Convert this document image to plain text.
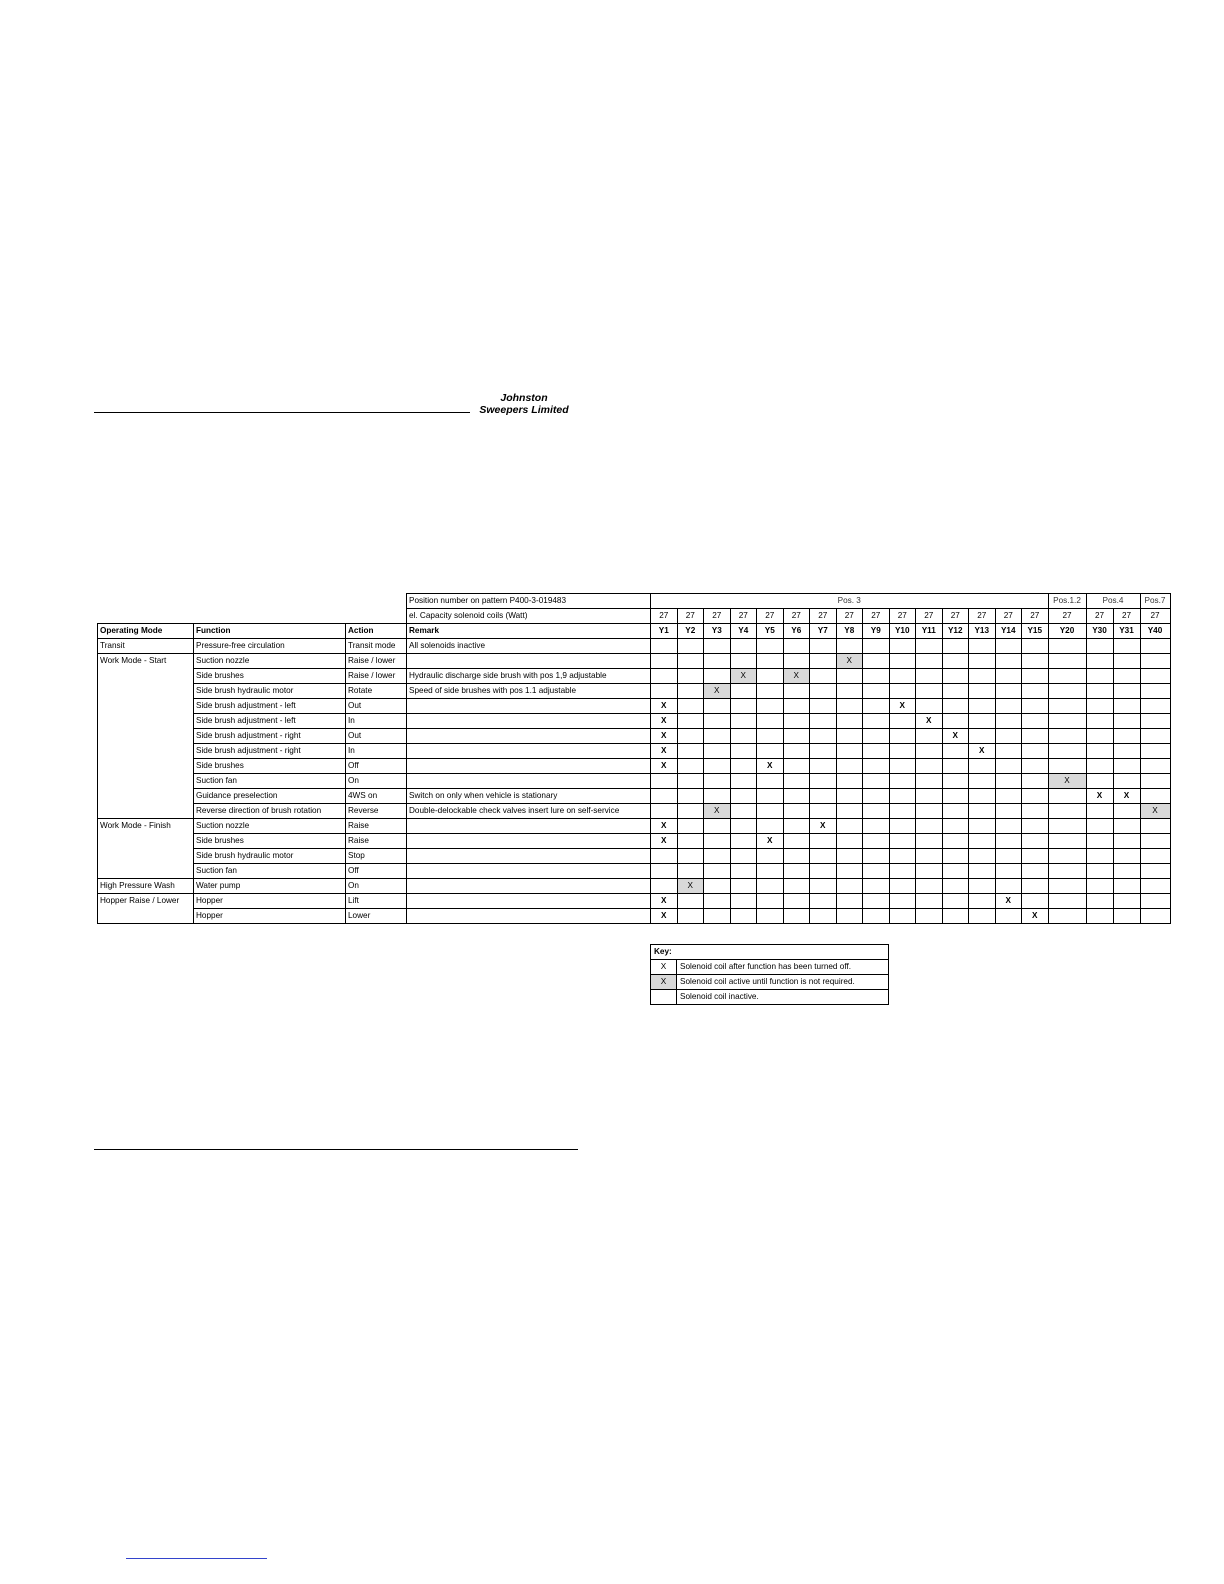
Johnston
Sweepers Limited
			Position number on pattern P400-3-019483	Pos. 3															Pos.1.2	Pos.4		Pos.7
			el. Capacity solenoid coils (Watt)	27	27	27	27	27	27	27	27	27	27	27	27	27	27	27	27	27	27	27
Operating Mode	Function	Action	Remark	Y1	Y2	Y3	Y4	Y5	Y6	Y7	Y8	Y9	Y10	Y11	Y12	Y13	Y14	Y15	Y20	Y30	Y31	Y40
Transit	Pressure-free circulation	Transit mode	All solenoids inactive																			
Work Mode - Start	Suction nozzle	Raise / lower									X											
	Side brushes	Raise / lower	Hydraulic discharge side brush with pos 1,9 adjustable				X		X													
	Side brush hydraulic motor	Rotate	Speed of side brushes with pos 1.1 adjustable			X																
	Side brush adjustment - left	Out		X									X									
	Side brush adjustment - left	In		X										X								
	Side brush adjustment - right	Out		X											X							
	Side brush adjustment - right	In		X												X						
	Side brushes	Off		X				X														
	Suction fan	On																	X			
	Guidance preselection	4WS on	Switch on only when vehicle is stationary																	X	X	
	Reverse direction of brush rotation	Reverse	Double-delockable check valves insert lure on self-service			X																X
Work Mode - Finish	Suction nozzle	Raise		X						X												
	Side brushes	Raise		X				X														
	Side brush hydraulic motor	Stop																				
	Suction fan	Off																				
High Pressure Wash	Water pump	On			X																	
Hopper Raise / Lower	Hopper	Lift		X													X					
	Hopper	Lower		X														X				
Key:	
X	Solenoid coil after function has been turned off.
X	Solenoid coil active until function is not required.
	Solenoid coil inactive.
